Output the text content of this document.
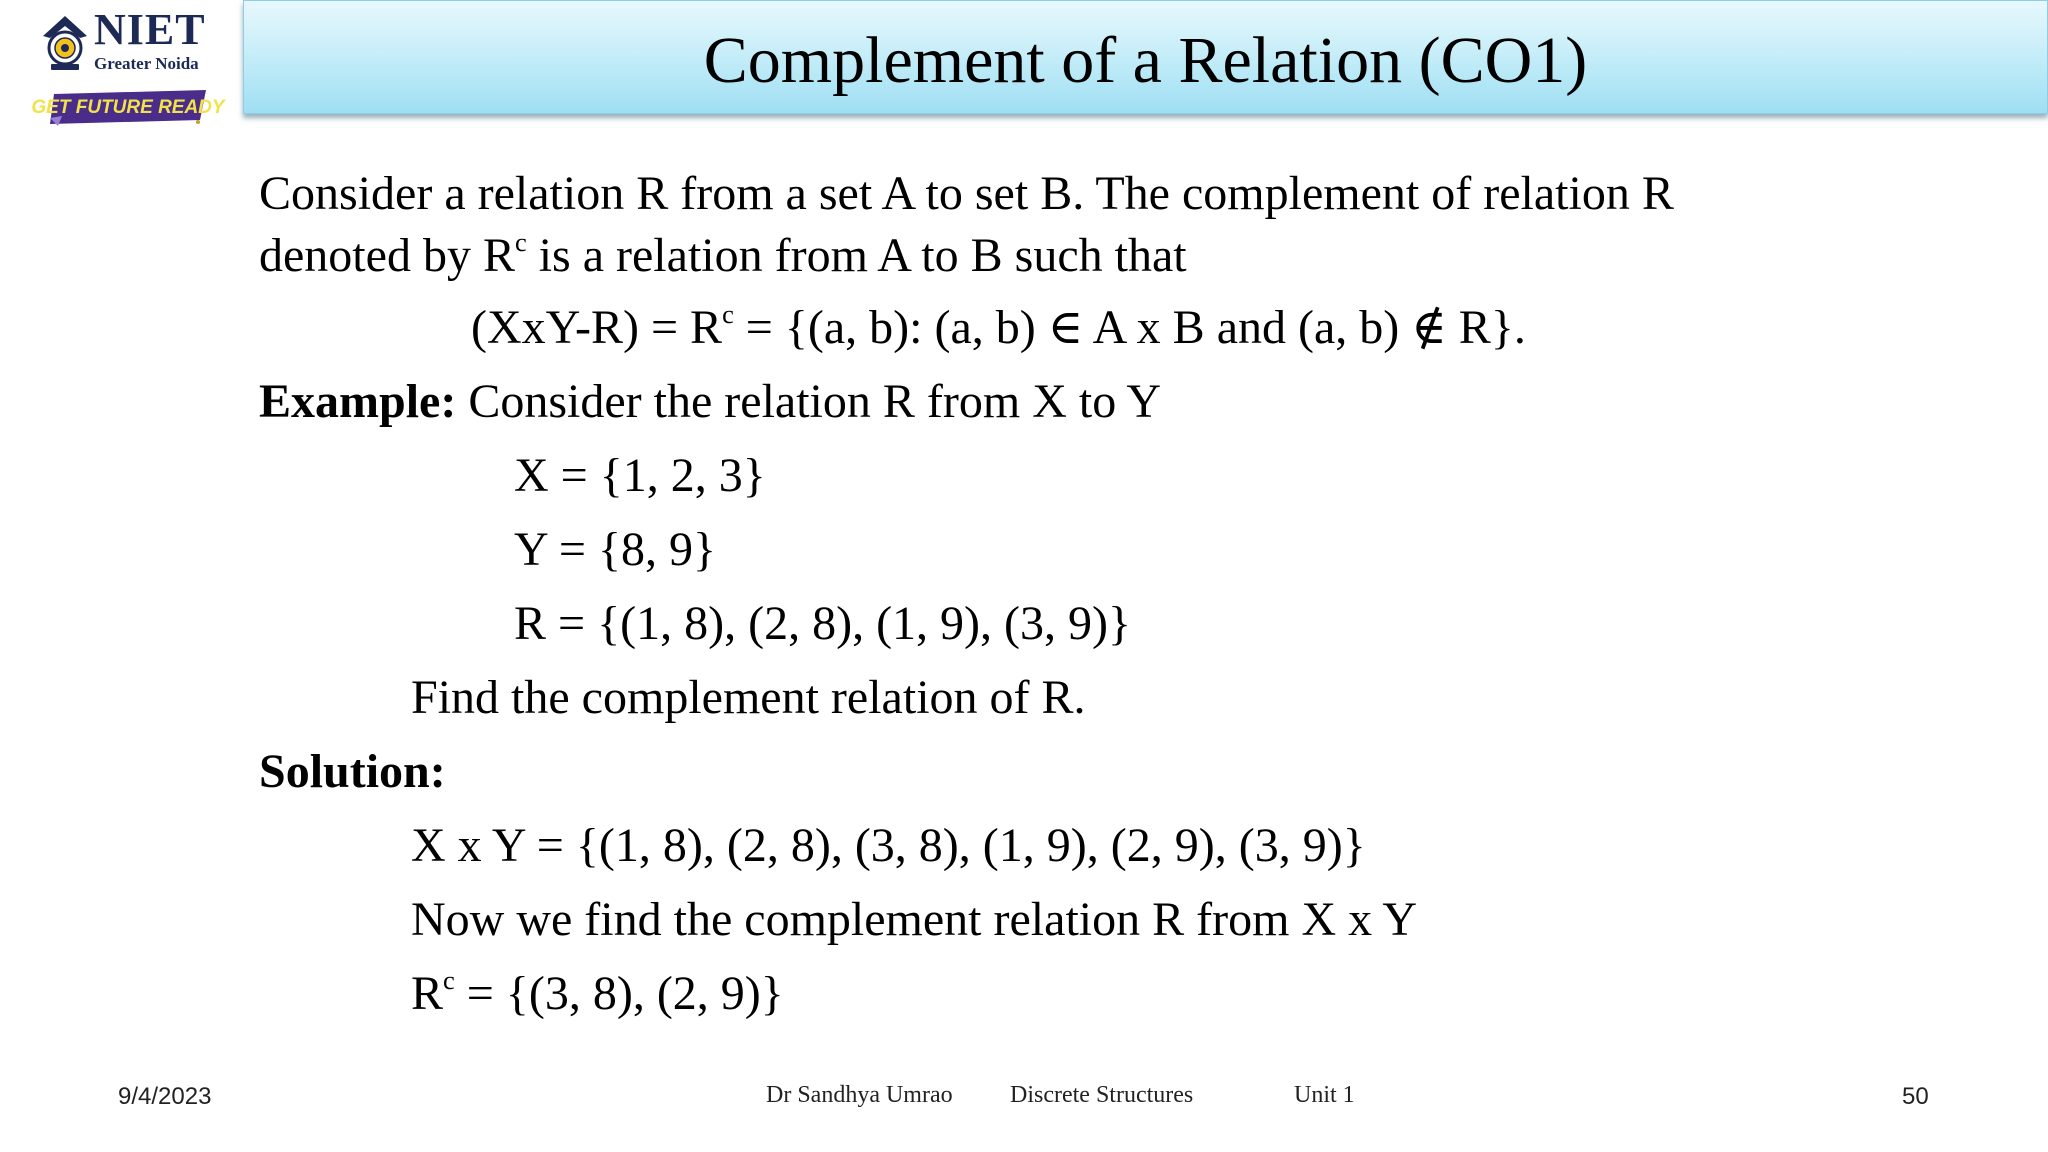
NIET
Greater Noida
GET FUTURE READY
Complement of a Relation (CO1)
Consider a relation R from a set A to set B. The complement of relation R
denoted by $R^c$ is a relation from A to B such that
$(XxY-R) = R^c = \{(a$, b): (a, b) ∈ A x B and (a, b) ∉ R}.
Example: Consider the relation R from X to Y
X = {1, 2, 3}
Y = {8, 9}
R = {(1, 8), (2, 8), (1, 9), (3, 9)}
Find the complement relation of R.
Solution:
X x Y = {(1, 8), (2, 8), (3, 8), (1, 9), (2, 9), (3, 9)}
Now we find the complement relation R from X x Y
$R^c = \{(3$, 8), (2, 9)}
9/4/2023	Dr Sandhya Umrao Discrete Structures	Unit 1	50
